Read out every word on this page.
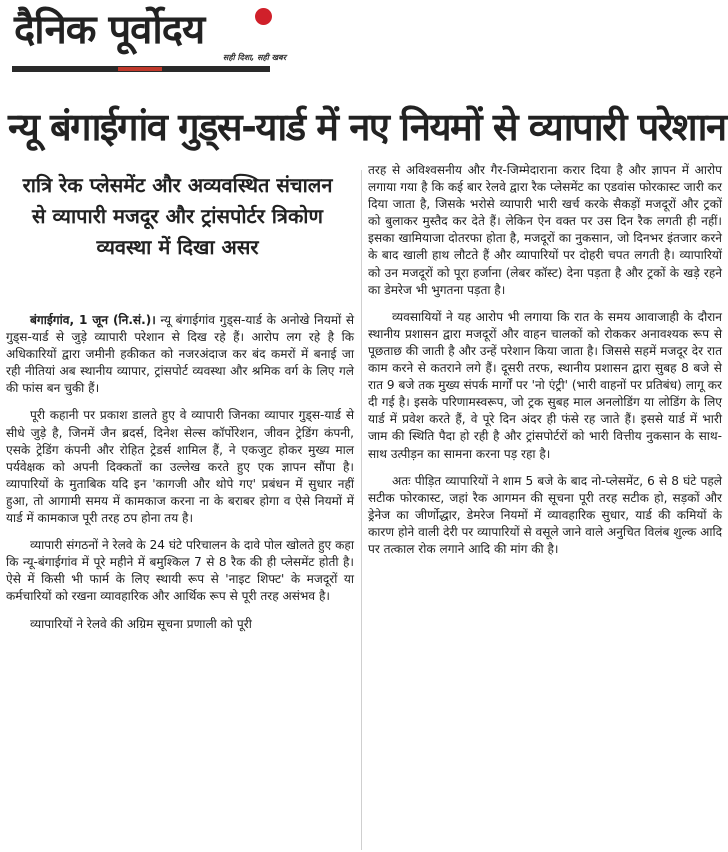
दैनिक पूर्वोदय
सही दिशा, सही खबर
न्यू बंगाईगांव गुड्स-यार्ड में नए नियमों से व्यापारी परेशान
रात्रि रेक प्लेसमेंट और अव्यवस्थित संचालन से व्यापारी मजदूर और ट्रांसपोर्टर त्रिकोण व्यवस्था में दिखा असर

बंगाईगांव, 1 जून (नि.सं.)। न्यू बंगाईगांव गुड्स-यार्ड के अनोखे नियमों से गुड्स-यार्ड से जुड़े व्यापारी परेशान से दिख रहे हैं। आरोप लग रहे है कि अधिकारियों द्वारा जमीनी हकीकत को नजरअंदाज कर बंद कमरों में बनाई जा रही नीतियां अब स्थानीय व्यापार, ट्रांसपोर्ट व्यवस्था और श्रमिक वर्ग के लिए गले की फांस बन चुकी हैं।

पूरी कहानी पर प्रकाश डालते हुए वे व्यापारी जिनका व्यापार गुड्स-यार्ड से सीधे जुड़े है, जिनमें जैन ब्रदर्स, दिनेश सेल्स कॉर्पोरेशन, जीवन ट्रेडिंग कंपनी, एसके ट्रेडिंग कंपनी और रोहित ट्रेडर्स शामिल हैं, ने एकजुट होकर मुख्य माल पर्यवेक्षक को अपनी दिक्कतों का उल्लेख करते हुए एक ज्ञापन सौंपा है। व्यापारियों के मुताबिक यदि इन 'कागजी और थोपे गए' प्रबंधन में सुधार नहीं हुआ, तो आगामी समय में कामकाज करना ना के बराबर होगा व ऐसे नियमों में यार्ड में कामकाज पूरी तरह ठप होना तय है।

व्यापारी संगठनों ने रेलवे के 24 घंटे परिचालन के दावे पोल खोलते हुए कहा कि न्यू-बंगाईगांव में पूरे महीने में बमुश्किल 7 से 8 रैक की ही प्लेसमेंट होती है। ऐसे में किसी भी फार्म के लिए स्थायी रूप से 'नाइट शिफ्ट' के मजदूरों या कर्मचारियों को रखना व्यावहारिक और आर्थिक रूप से पूरी तरह असंभव है।

व्यापारियों ने रेलवे की अग्रिम सूचना प्रणाली को पूरी

तरह से अविश्वसनीय और गैर-जिम्मेदाराना करार दिया है और ज्ञापन में आरोप लगाया गया है कि कई बार रेलवे द्वारा रैक प्लेसमेंट का एडवांस फोरकास्ट जारी कर दिया जाता है, जिसके भरोसे व्यापारी भारी खर्च करके सैकड़ों मजदूरों और ट्रकों को बुलाकर मुस्तैद कर देते हैं। लेकिन ऐन वक्त पर उस दिन रैक लगती ही नहीं। इसका खामियाजा दोतरफा होता है, मजदूरों का नुकसान, जो दिनभर इंतजार करने के बाद खाली हाथ लौटते हैं और व्यापारियों पर दोहरी चपत लगती है। व्यापारियों को उन मजदूरों को पूरा हर्जाना (लेबर कॉस्ट) देना पड़ता है और ट्रकों के खड़े रहने का डेमरेज भी भुगतना पड़ता है।

व्यवसायियों ने यह आरोप भी लगाया कि रात के समय आवाजाही के दौरान स्थानीय प्रशासन द्वारा मजदूरों और वाहन चालकों को रोककर अनावश्यक रूप से पूछताछ की जाती है और उन्हें परेशान किया जाता है। जिससे सहमें मजदूर देर रात काम करने से कतराने लगे हैं। दूसरी तरफ, स्थानीय प्रशासन द्वारा सुबह 8 बजे से रात 9 बजे तक मुख्य संपर्क मार्गों पर 'नो एंट्री' (भारी वाहनों पर प्रतिबंध) लागू कर दी गई है। इसके परिणामस्वरूप, जो ट्रक सुबह माल अनलोडिंग या लोडिंग के लिए यार्ड में प्रवेश करते हैं, वे पूरे दिन अंदर ही फंसे रह जाते हैं। इससे यार्ड में भारी जाम की स्थिति पैदा हो रही है और ट्रांसपोर्टरों को भारी वित्तीय नुकसान के साथ-साथ उत्पीड़न का सामना करना पड़ रहा है।

अतः पीड़ित व्यापारियों ने शाम 5 बजे के बाद नो-प्लेसमेंट, 6 से 8 घंटे पहले सटीक फोरकास्ट, जहां रैक आगमन की सूचना पूरी तरह सटीक हो, सड़कों और ड्रेनेज का जीर्णोद्धार, डेमरेज नियमों में व्यावहारिक सुधार, यार्ड की कमियों के कारण होने वाली देरी पर व्यापारियों से वसूले जाने वाले अनुचित विलंब शुल्क आदि पर तत्काल रोक लगाने आदि की मांग की है।
